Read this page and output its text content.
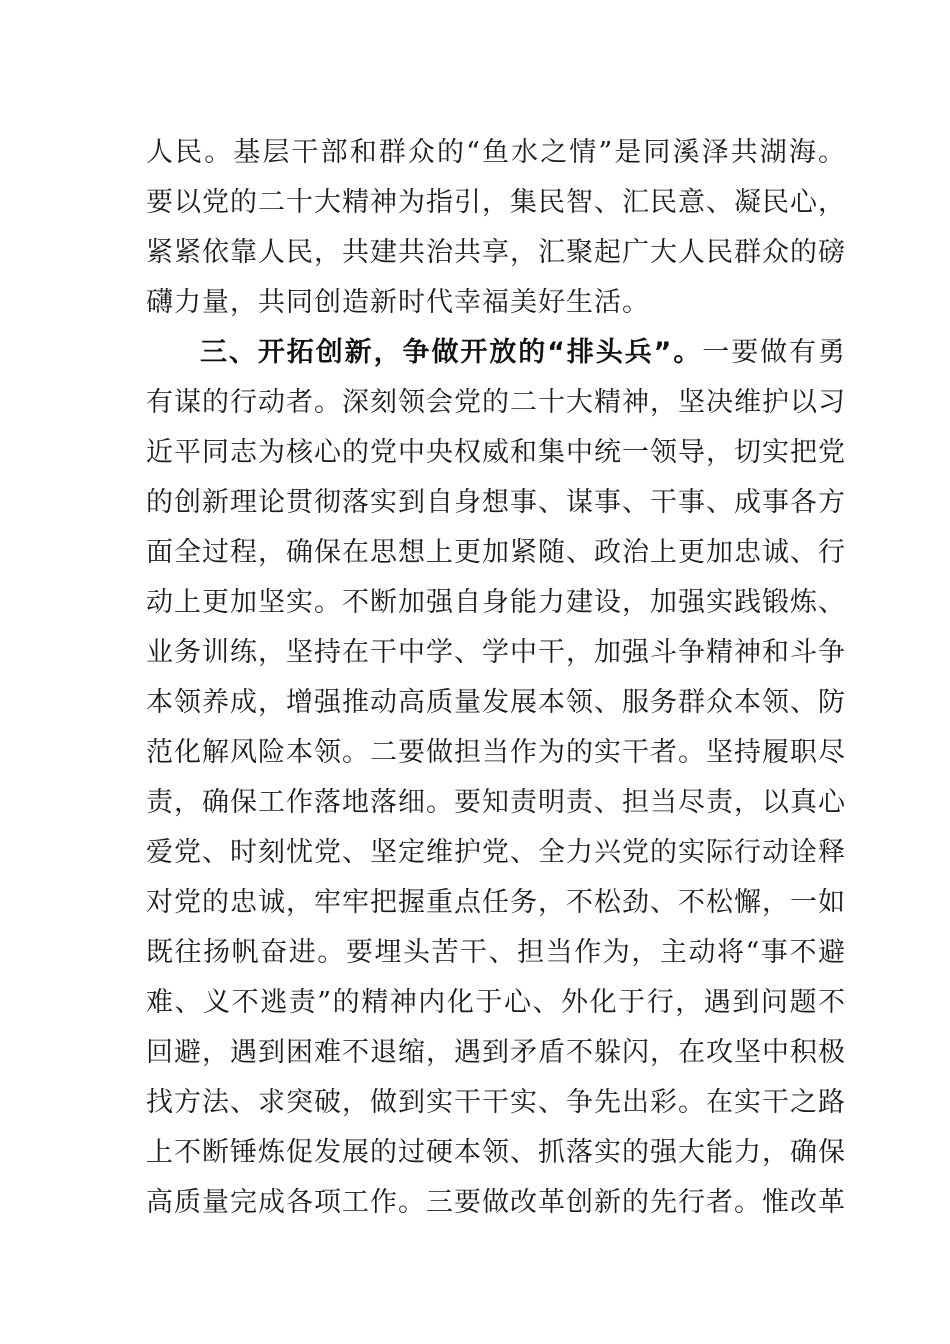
人民。基层干部和群众的“鱼水之情”是同溪泽共湖海。
要以党的二十大精神为指引，集民智、汇民意、凝民心，
紧紧依靠人民，共建共治共享，汇聚起广大人民群众的磅
礴力量，共同创造新时代幸福美好生活。
三、开拓创新，争做开放的“排头兵”。一要做有勇
有谋的行动者。深刻领会党的二十大精神，坚决维护以习
近平同志为核心的党中央权威和集中统一领导，切实把党
的创新理论贯彻落实到自身想事、谋事、干事、成事各方
面全过程，确保在思想上更加紧随、政治上更加忠诚、行
动上更加坚实。不断加强自身能力建设，加强实践锻炼、
业务训练，坚持在干中学、学中干，加强斗争精神和斗争
本领养成，增强推动高质量发展本领、服务群众本领、防
范化解风险本领。二要做担当作为的实干者。坚持履职尽
责，确保工作落地落细。要知责明责、担当尽责，以真心
爱党、时刻忧党、坚定维护党、全力兴党的实际行动诠释
对党的忠诚，牢牢把握重点任务，不松劲、不松懈，一如
既往扬帆奋进。要埋头苦干、担当作为，主动将“事不避
难、义不逃责”的精神内化于心、外化于行，遇到问题不
回避，遇到困难不退缩，遇到矛盾不躲闪，在攻坚中积极
找方法、求突破，做到实干干实、争先出彩。在实干之路
上不断锤炼促发展的过硬本领、抓落实的强大能力，确保
高质量完成各项工作。三要做改革创新的先行者。惟改革
